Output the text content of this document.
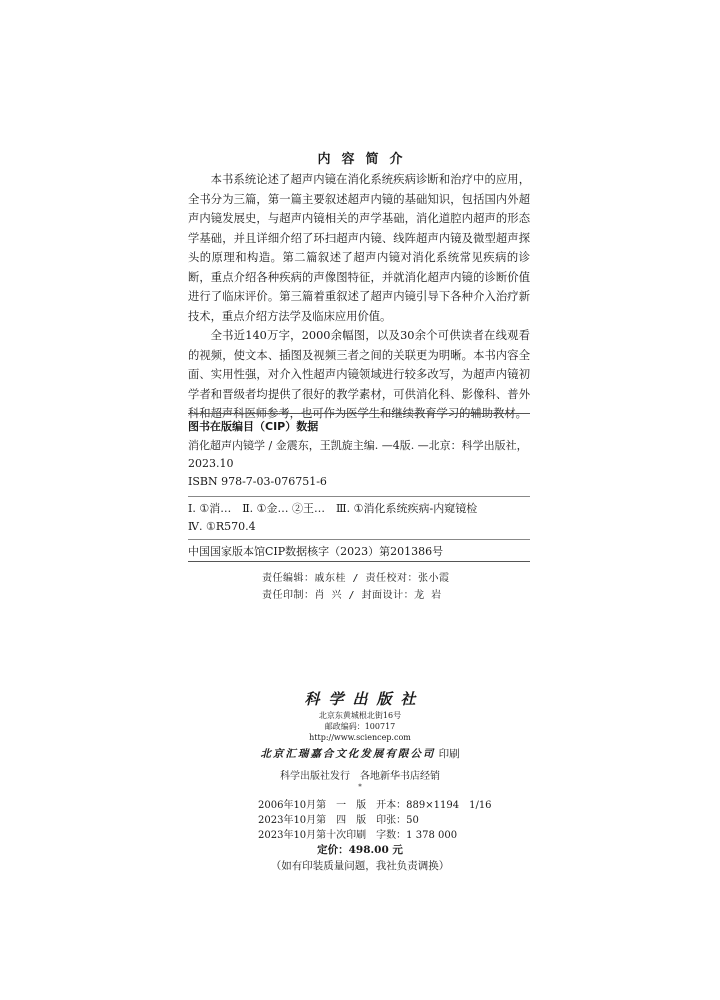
内容简介

本书系统论述了超声内镜在消化系统疾病诊断和治疗中的应用，全书分为三篇，第一篇主要叙述超声内镜的基础知识，包括国内外超声内镜发展史，与超声内镜相关的声学基础，消化道腔内超声的形态学基础，并且详细介绍了环扫超声内镜、线阵超声内镜及微型超声探头的原理和构造。第二篇叙述了超声内镜对消化系统常见疾病的诊断，重点介绍各种疾病的声像图特征，并就消化超声内镜的诊断价值进行了临床评价。第三篇着重叙述了超声内镜引导下各种介入治疗新技术，重点介绍方法学及临床应用价值。

全书近140万字，2000余幅图，以及30余个可供读者在线观看的视频，使文本、插图及视频三者之间的关联更为明晰。本书内容全面、实用性强，对介入性超声内镜领域进行较多改写，为超声内镜初学者和晋级者均提供了很好的教学素材，可供消化科、影像科、普外科和超声科医师参考，也可作为医学生和继续教育学习的辅助教材。

图书在版编目（CIP）数据
消化超声内镜学 / 金震东，王凯旋主编. —4版. —北京：科学出版社，
2023.10
ISBN 978-7-03-076751-6
Ⅰ. ①消…　Ⅱ. ①金… ②王…　Ⅲ. ①消化系统疾病-内窥镜检
Ⅳ. ①R570.4
中国国家版本馆CIP数据核字（2023）第201386号
责任编辑：戚东桂 / 责任校对：张小霞
责任印制：肖 兴 / 封面设计：龙 岩
科学出版社
北京东黄城根北街16号
邮政编码：100717
http://www.sciencep.com
北京汇瑞嘉合文化发展有限公司 印刷
科学出版社发行　各地新华书店经销
*
2006年10月第　一　版　开本：889×1194　1/16
2023年10月第　四　版　印张：50
2023年10月第十次印刷　字数：1 378 000
定价：498.00 元
（如有印装质量问题，我社负责调换）
